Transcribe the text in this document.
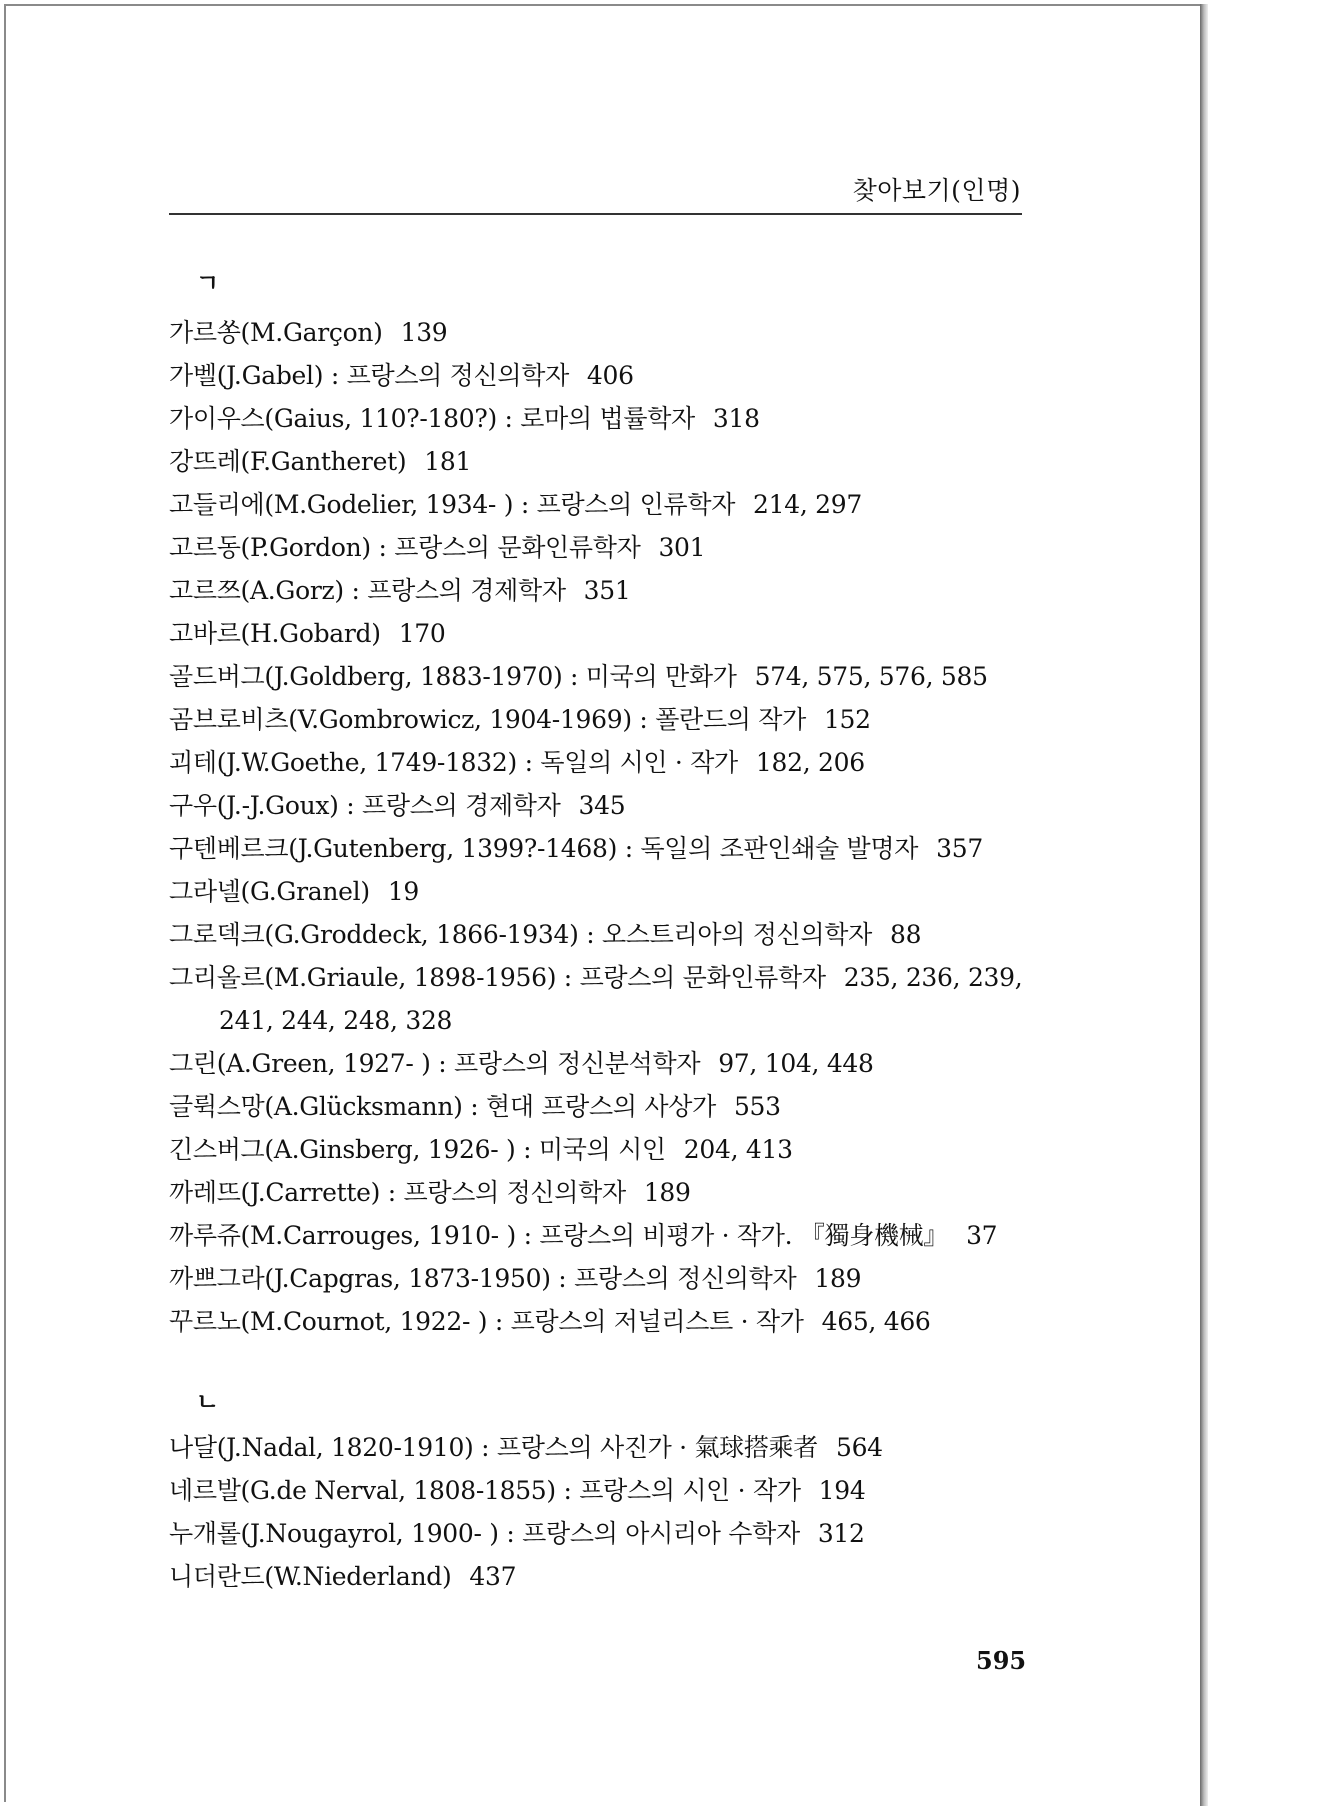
찾아보기(인명)
ㄱ
가르쏭(M.Garçon) 139
가벨(J.Gabel) : 프랑스의 정신의학자 406
가이우스(Gaius, 110?-180?) : 로마의 법률학자 318
강뜨레(F.Gantheret) 181
고들리에(M.Godelier, 1934- ) : 프랑스의 인류학자 214, 297
고르동(P.Gordon) : 프랑스의 문화인류학자 301
고르쯔(A.Gorz) : 프랑스의 경제학자 351
고바르(H.Gobard) 170
골드버그(J.Goldberg, 1883-1970) : 미국의 만화가 574, 575, 576, 585
곰브로비츠(V.Gombrowicz, 1904-1969) : 폴란드의 작가 152
괴테(J.W.Goethe, 1749-1832) : 독일의 시인 · 작가 182, 206
구우(J.-J.Goux) : 프랑스의 경제학자 345
구텐베르크(J.Gutenberg, 1399?-1468) : 독일의 조판인쇄술 발명자 357
그라넬(G.Granel) 19
그로덱크(G.Groddeck, 1866-1934) : 오스트리아의 정신의학자 88
그리올르(M.Griaule, 1898-1956) : 프랑스의 문화인류학자 235, 236, 239,
241, 244, 248, 328
그린(A.Green, 1927- ) : 프랑스의 정신분석학자 97, 104, 448
글뤽스망(A.Glücksmann) : 현대 프랑스의 사상가 553
긴스버그(A.Ginsberg, 1926- ) : 미국의 시인 204, 413
까레뜨(J.Carrette) : 프랑스의 정신의학자 189
까루쥬(M.Carrouges, 1910- ) : 프랑스의 비평가 · 작가. 『獨身機械』 37
까쁘그라(J.Capgras, 1873-1950) : 프랑스의 정신의학자 189
꾸르노(M.Cournot, 1922- ) : 프랑스의 저널리스트 · 작가 465, 466
ㄴ
나달(J.Nadal, 1820-1910) : 프랑스의 사진가 · 氣球搭乘者 564
네르발(G.de Nerval, 1808-1855) : 프랑스의 시인 · 작가 194
누개롤(J.Nougayrol, 1900- ) : 프랑스의 아시리아 수학자 312
니더란드(W.Niederland) 437
595
